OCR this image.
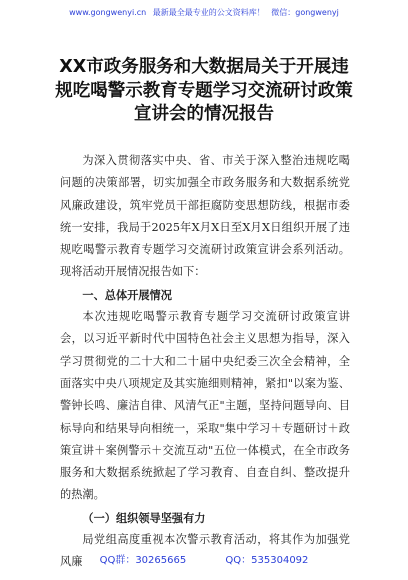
www.gongwenyi.cn 最新最全最专业的公文资料库！ 微信：gongwenyj
XX市政务服务和大数据局关于开展违规吃喝警示教育专题学习交流研讨政策宣讲会的情况报告

为深入贯彻落实中央、省、市关于深入整治违规吃喝问题的决策部署，切实加强全市政务服务和大数据系统党风廉政建设，筑牢党员干部拒腐防变思想防线，根据市委统一安排，我局于2025年X月X日至X月X日组织开展了违规吃喝警示教育专题学习交流研讨政策宣讲会系列活动。现将活动开展情况报告如下：

一、总体开展情况

本次违规吃喝警示教育专题学习交流研讨政策宣讲会，以习近平新时代中国特色社会主义思想为指导，深入学习贯彻党的二十大和二十届中央纪委三次全会精神，全面落实中央八项规定及其实施细则精神，紧扣"以案为鉴、警钟长鸣、廉洁自律、风清气正"主题，坚持问题导向、目标导向和结果导向相统一，采取"集中学习＋专题研讨＋政策宣讲＋案例警示＋交流互动"五位一体模式，在全市政务服务和大数据系统掀起了学习教育、自查自纠、整改提升的热潮。

（一）组织领导坚强有力

局党组高度重视本次警示教育活动，将其作为加强党风廉	QQ群：30265665	QQ：535304092
